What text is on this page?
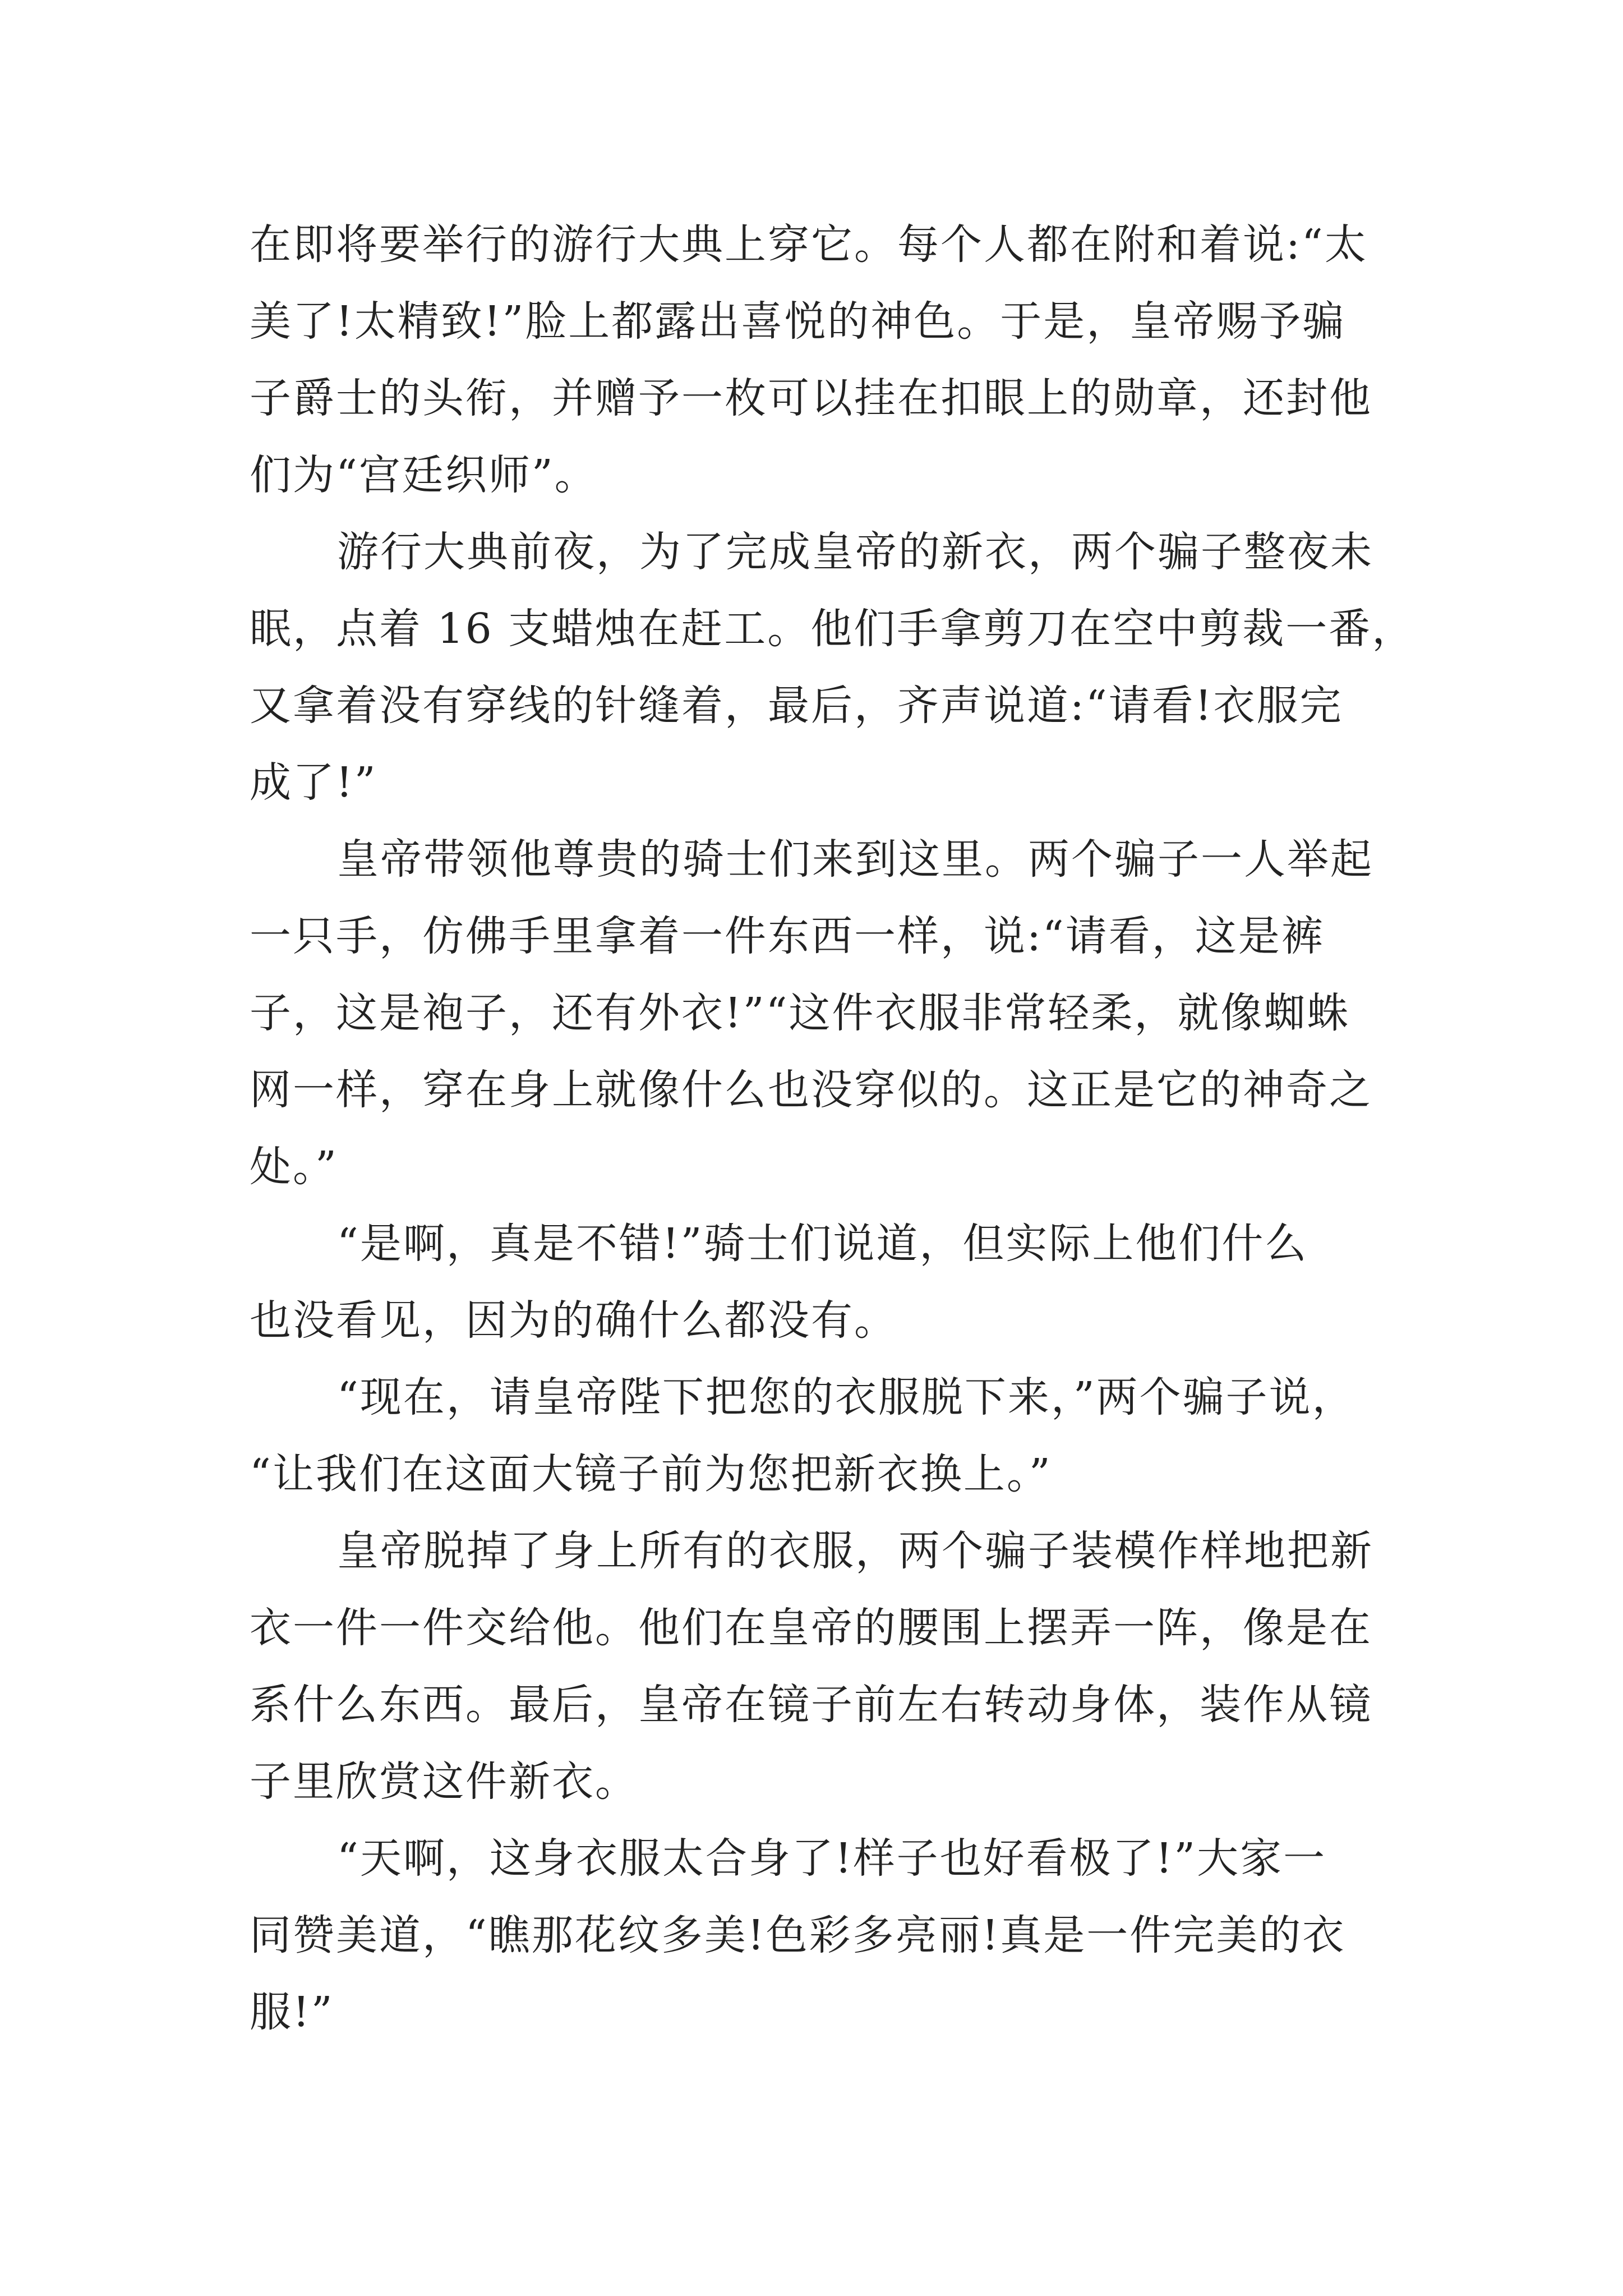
在即将要举行的游行大典上穿它。每个人都在附和着说:“太
美了!太精致!”脸上都露出喜悦的神色。于是，皇帝赐予骗
子爵士的头衔，并赠予一枚可以挂在扣眼上的勋章，还封他
们为“宫廷织师”。
游行大典前夜，为了完成皇帝的新衣，两个骗子整夜未
眠，点着 16 支蜡烛在赶工。他们手拿剪刀在空中剪裁一番，
又拿着没有穿线的针缝着，最后，齐声说道:“请看!衣服完
成了!”
皇帝带领他尊贵的骑士们来到这里。两个骗子一人举起
一只手，仿佛手里拿着一件东西一样，说:“请看，这是裤
子，这是袍子，还有外衣!”“这件衣服非常轻柔，就像蜘蛛
网一样，穿在身上就像什么也没穿似的。这正是它的神奇之
处。”
“是啊，真是不错!”骑士们说道，但实际上他们什么
也没看见，因为的确什么都没有。
“现在，请皇帝陛下把您的衣服脱下来，”两个骗子说，
“让我们在这面大镜子前为您把新衣换上。”
皇帝脱掉了身上所有的衣服，两个骗子装模作样地把新
衣一件一件交给他。他们在皇帝的腰围上摆弄一阵，像是在
系什么东西。最后，皇帝在镜子前左右转动身体，装作从镜
子里欣赏这件新衣。
“天啊，这身衣服太合身了!样子也好看极了!”大家一
同赞美道，“瞧那花纹多美!色彩多亮丽!真是一件完美的衣
服!”
